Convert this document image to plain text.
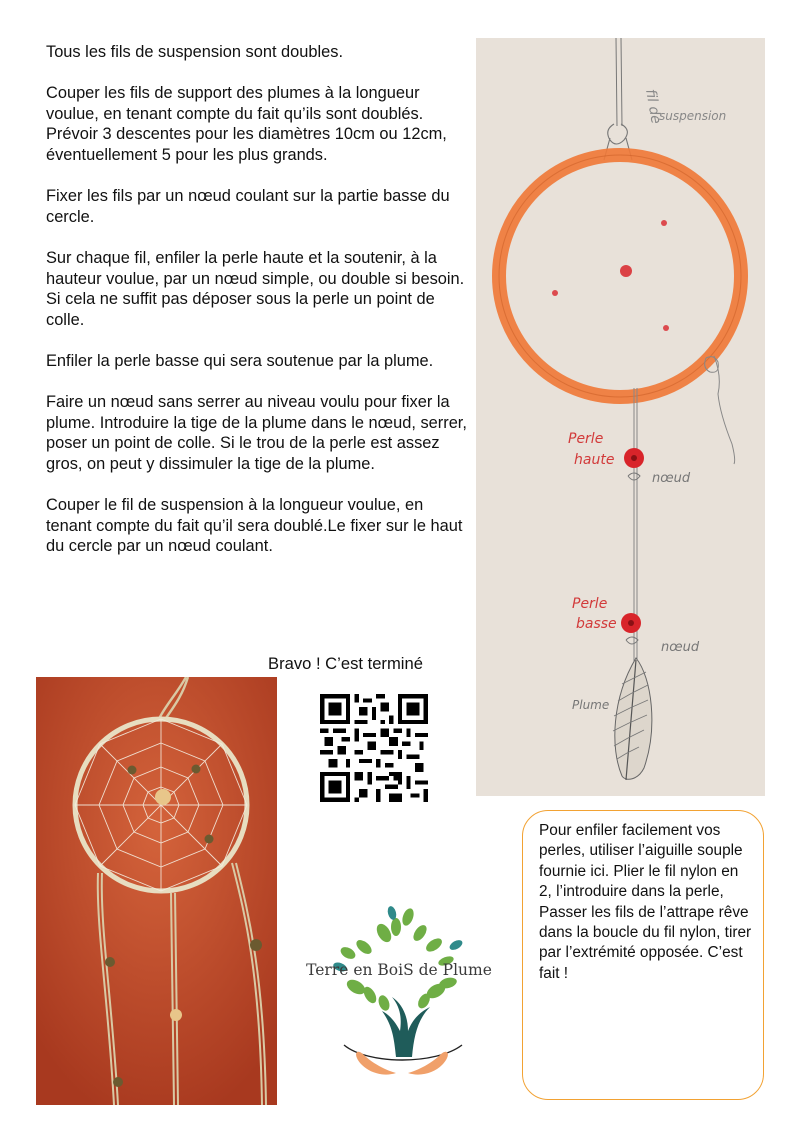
Tous les fils de suspension sont doubles.

Couper les fils de support des plumes à la longueur voulue, en tenant compte du fait qu’ils sont doublés.
Prévoir 3 descentes pour les diamètres 10cm ou 12cm, éventuellement 5 pour les plus grands.

Fixer les fils par un nœud coulant sur la partie basse du cercle.

Sur chaque fil, enfiler la perle haute et la soutenir, à la hauteur voulue, par un nœud simple, ou double si besoin. Si cela ne suffit pas déposer sous la perle un point de colle.

Enfiler la perle basse qui sera soutenue par la plume.

Faire un nœud sans serrer au niveau voulu pour fixer la plume. Introduire la tige de la plume dans le nœud, serrer, poser un point de colle. Si le trou de la perle est assez gros, on peut y dissimuler la tige de la plume.

Couper le fil de suspension à la longueur voulue, en tenant compte du fait qu’il sera doublé.Le fixer sur le haut du cercle par un nœud coulant.

Bravo ! C’est terminé
fil de
suspension
Perle
haute
nœud
Perle
basse
nœud
Plume
Terre en BoiS de Plume
Pour enfiler facilement vos perles, utiliser l’aiguille souple fournie ici. Plier le fil nylon en 2, l’introduire dans la perle, Passer les fils de l’attrape rêve dans la boucle du fil nylon, tirer par l’extrémité opposée. C’est fait !
